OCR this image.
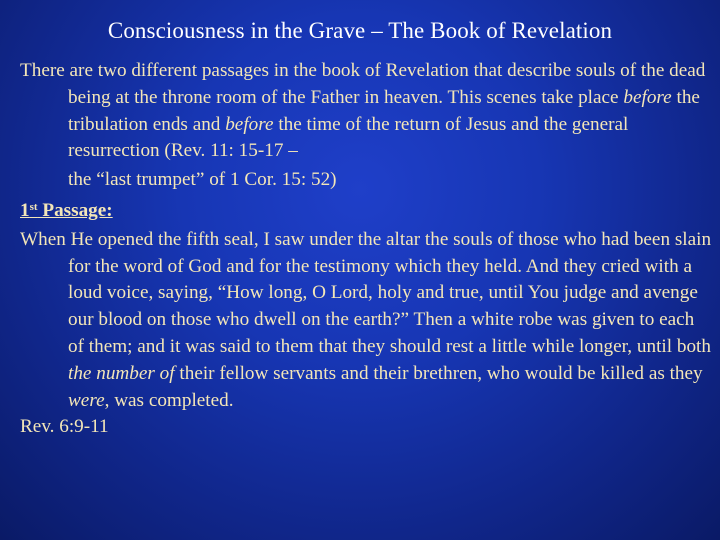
Consciousness in the Grave – The Book of Revelation

There are two different passages in the book of Revelation that describe souls of the dead being at the throne room of the Father in heaven. This scenes take place before the tribulation ends and before the time of the return of Jesus and the general resurrection (Rev. 11: 15-17 –
the “last trumpet” of 1 Cor. 15: 52)

1st Passage:

When He opened the fifth seal, I saw under the altar the souls of those who had been slain for the word of God and for the testimony which they held. And they cried with a loud voice, saying, “How long, O Lord, holy and true, until You judge and avenge our blood on those who dwell on the earth?” Then a white robe was given to each of them; and it was said to them that they should rest a little while longer, until both the number of their fellow servants and their brethren, who would be killed as they were, was completed.

Rev. 6:9-11
